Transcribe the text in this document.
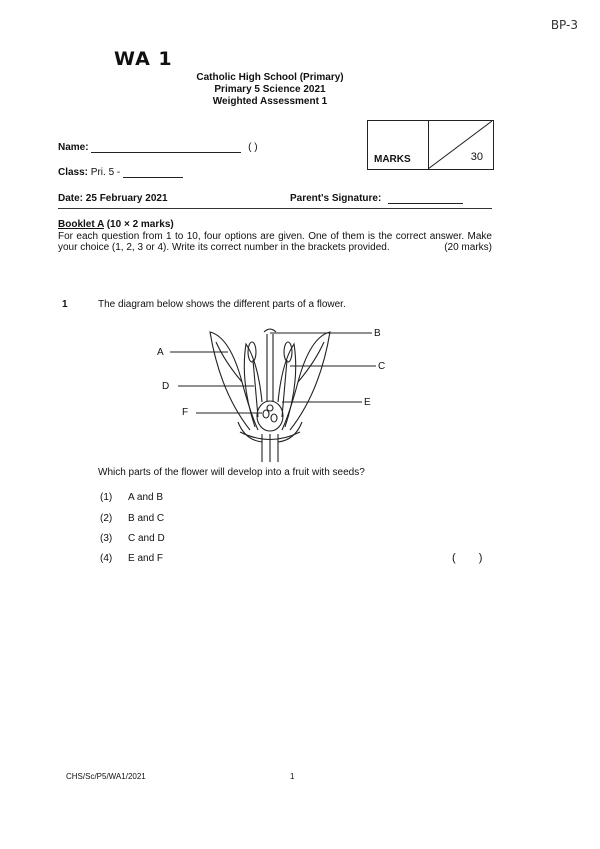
BP-3
WA 1
Catholic High School (Primary)
Primary 5 Science 2021
Weighted Assessment 1
Name:	( )
Class: Pri. 5 -
MARKS	30
Date: 25 February 2021	Parent's Signature:
Booklet A (10 × 2 marks)
For each question from 1 to 10, four options are given. One of them is the correct answer. Make your choice (1, 2, 3 or 4). Write its correct number in the brackets provided.	(20 marks)
1	The diagram below shows the different parts of a flower.
A
B
C
D
E
F
Which parts of the flower will develop into a fruit with seeds?
(1) A and B
(2) B and C
(3) C and D
(4) E and F	( )
CHS/Sc/P5/WA1/2021	1
